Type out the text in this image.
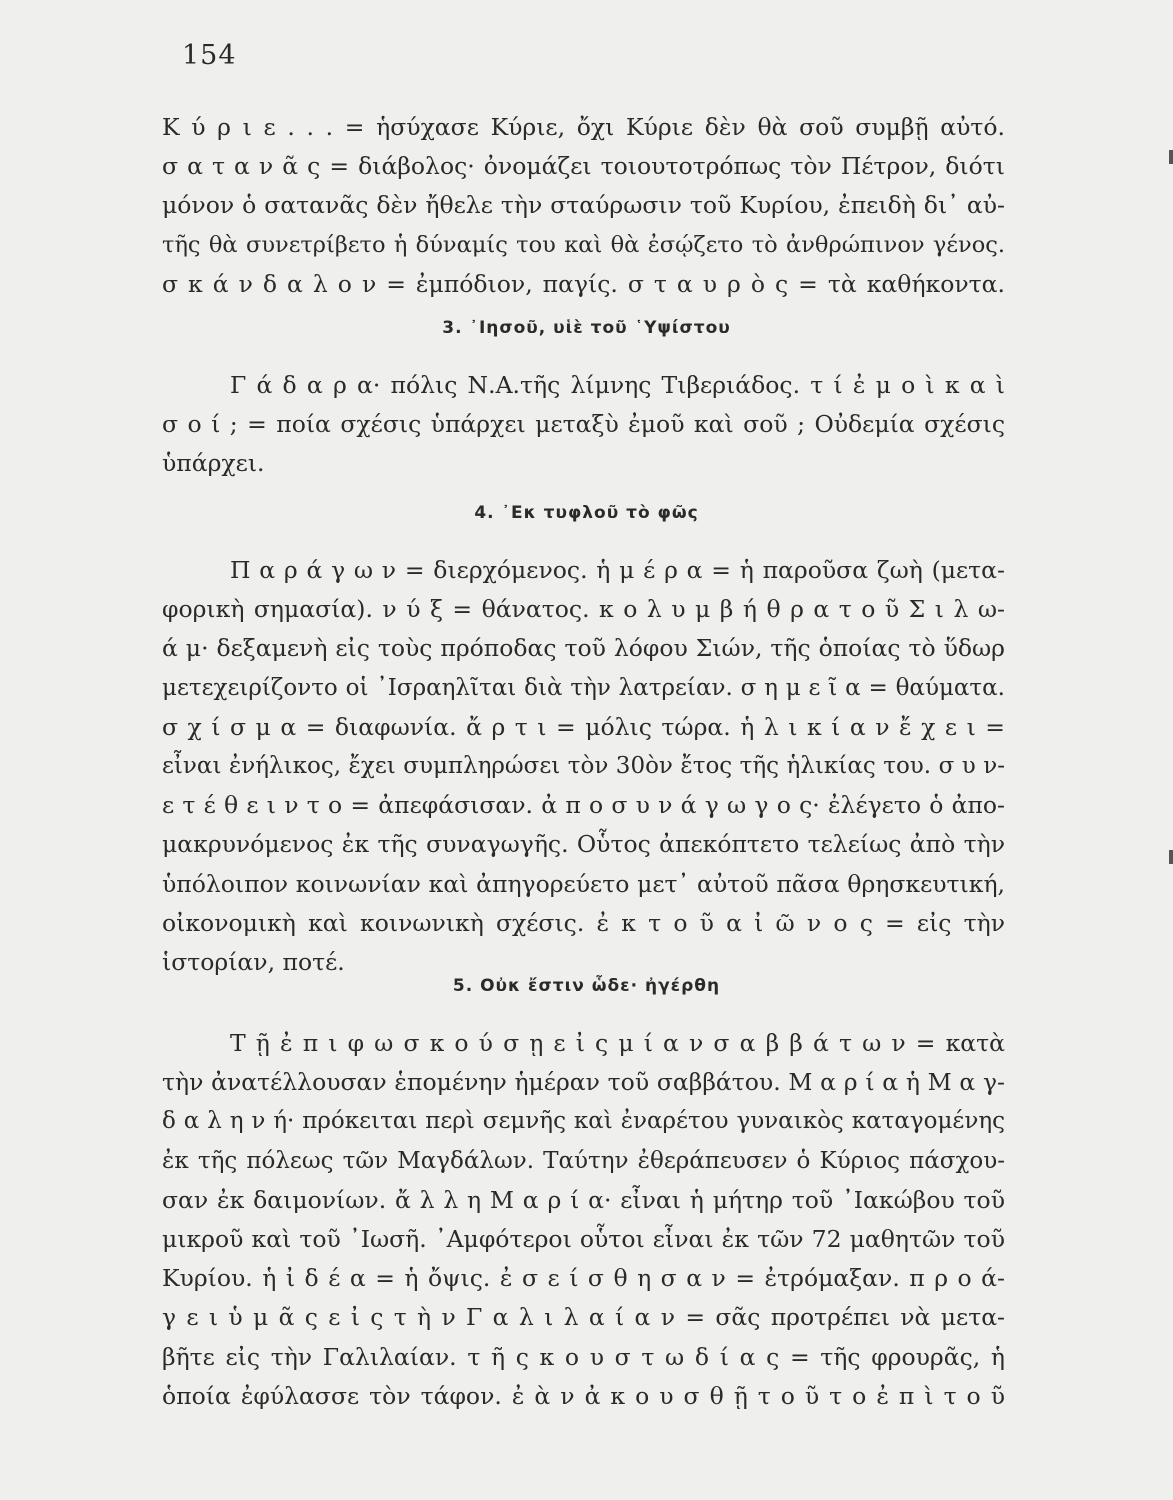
154
Κ ύ ρ ι ε . . . = ἡσύχασε Κύριε, ὄχι Κύριε δὲν θὰ σοῦ συμβῇ αὐτό.
σ α τ α ν ᾶ ς = διάβολος· ὀνομάζει τοιουτοτρόπως τὸν Πέτρον, διότι
μόνον ὁ σατανᾶς δὲν ἤθελε τὴν σταύρωσιν τοῦ Κυρίου, ἐπειδὴ δι᾽ αὐ-
τῆς θὰ συνετρίβετο ἡ δύναμίς του καὶ θὰ ἐσῴζετο τὸ ἀνθρώπινον γένος.
σ κ ά ν δ α λ ο ν = ἐμπόδιον, παγίς. σ τ α υ ρ ὸ ς = τὰ καθήκοντα.
3. ᾿Ιησοῦ, υἱὲ τοῦ ῾Υψίστου
Γ ά δ α ρ α· πόλις Ν.Α.τῆς λίμνης Τιβεριάδος. τ ί ἐ μ ο ὶ κ α ὶ
σ ο ί ; = ποία σχέσις ὑπάρχει μεταξὺ ἐμοῦ καὶ σοῦ ; Οὐδεμία σχέσις
ὑπάρχει.
4. ᾿Εκ τυφλοῦ τὸ φῶς
Π α ρ ά γ ω ν = διερχόμενος. ἡ μ έ ρ α = ἡ παροῦσα ζωὴ (μετα-
φορικὴ σημασία). ν ύ ξ = θάνατος. κ ο λ υ μ β ή θ ρ α τ ο ῦ Σ ι λ ω-
ά μ· δεξαμενὴ εἰς τοὺς πρόποδας τοῦ λόφου Σιών, τῆς ὁποίας τὸ ὕδωρ
μετεχειρίζοντο οἱ ᾿Ισραηλῖται διὰ τὴν λατρείαν. σ η μ ε ῖ α = θαύματα.
σ χ ί σ μ α = διαφωνία. ἄ ρ τ ι = μόλις τώρα. ἡ λ ι κ ί α ν ἔ χ ε ι =
εἶναι ἐνήλικος, ἔχει συμπληρώσει τὸν 30ὸν ἔτος τῆς ἡλικίας του. σ υ ν-
ε τ έ θ ε ι ν τ ο = ἀπεφάσισαν. ἀ π ο σ υ ν ά γ ω γ ο ς· ἐλέγετο ὁ ἀπο-
μακρυνόμενος ἐκ τῆς συναγωγῆς. Οὗτος ἀπεκόπτετο τελείως ἀπὸ τὴν
ὑπόλοιπον κοινωνίαν καὶ ἀπηγορεύετο μετ᾽ αὐτοῦ πᾶσα θρησκευτική,
οἰκονομικὴ καὶ κοινωνικὴ σχέσις. ἐ κ τ ο ῦ α ἰ ῶ ν ο ς = εἰς τὴν
ἱστορίαν, ποτέ.
5. Οὐκ ἔστιν ὧδε· ἠγέρθη
Τ ῇ ἐ π ι φ ω σ κ ο ύ σ ῃ ε ἰ ς μ ί α ν σ α β β ά τ ω ν = κατὰ
τὴν ἀνατέλλουσαν ἑπομένην ἡμέραν τοῦ σαββάτου. Μ α ρ ί α ἡ Μ α γ-
δ α λ η ν ή· πρόκειται περὶ σεμνῆς καὶ ἐναρέτου γυναικὸς καταγομένης
ἐκ τῆς πόλεως τῶν Μαγδάλων. Ταύτην ἐθεράπευσεν ὁ Κύριος πάσχου-
σαν ἐκ δαιμονίων. ἄ λ λ η Μ α ρ ί α· εἶναι ἡ μήτηρ τοῦ ᾿Ιακώβου τοῦ
μικροῦ καὶ τοῦ ᾿Ιωσῆ. ᾿Αμφότεροι οὗτοι εἶναι ἐκ τῶν 72 μαθητῶν τοῦ
Κυρίου. ἡ ἰ δ έ α = ἡ ὄψις. ἐ σ ε ί σ θ η σ α ν = ἐτρόμαξαν. π ρ ο ά-
γ ε ι ὑ μ ᾶ ς ε ἰ ς τ ὴ ν Γ α λ ι λ α ί α ν = σᾶς προτρέπει νὰ μετα-
βῆτε εἰς τὴν Γαλιλαίαν. τ ῆ ς κ ο υ σ τ ω δ ί α ς = τῆς φρουρᾶς, ἡ
ὁποία ἐφύλασσε τὸν τάφον. ἐ ὰ ν ἀ κ ο υ σ θ ῇ τ ο ῦ τ ο ἐ π ὶ τ ο ῦ
